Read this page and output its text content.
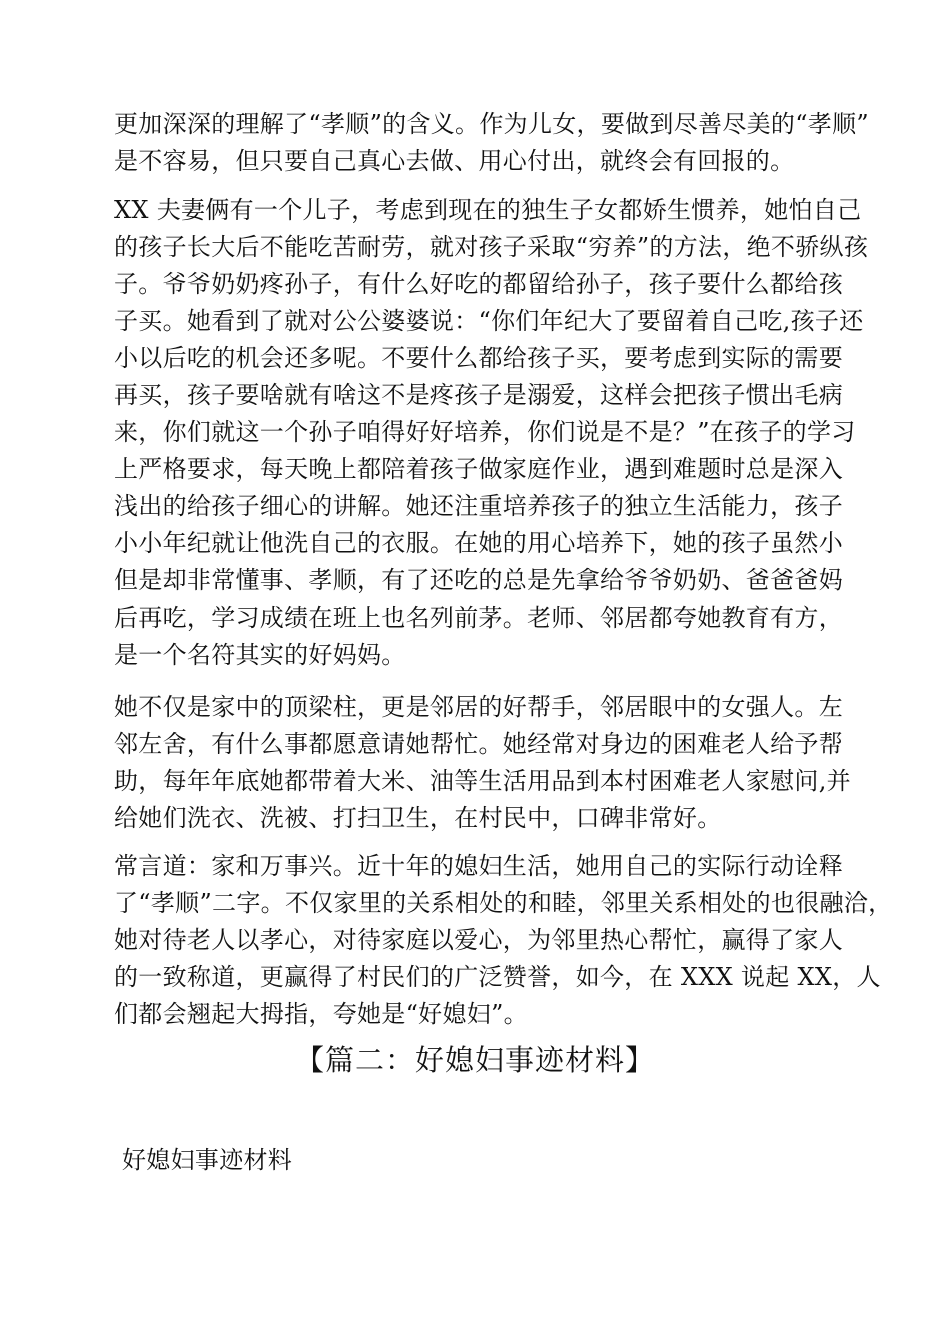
更加深深的理解了“孝顺”的含义。作为儿女，要做到尽善尽美的“孝顺”
是不容易，但只要自己真心去做、用心付出，就终会有回报的。
XX 夫妻俩有一个儿子，考虑到现在的独生子女都娇生惯养，她怕自己
的孩子长大后不能吃苦耐劳，就对孩子采取“穷养”的方法，绝不骄纵孩
子。爷爷奶奶疼孙子，有什么好吃的都留给孙子，孩子要什么都给孩
子买。她看到了就对公公婆婆说：“你们年纪大了要留着自己吃,孩子还
小以后吃的机会还多呢。不要什么都给孩子买，要考虑到实际的需要
再买，孩子要啥就有啥这不是疼孩子是溺爱，这样会把孩子惯出毛病
来，你们就这一个孙子咱得好好培养，你们说是不是？”在孩子的学习
上严格要求，每天晚上都陪着孩子做家庭作业，遇到难题时总是深入
浅出的给孩子细心的讲解。她还注重培养孩子的独立生活能力，孩子
小小年纪就让他洗自己的衣服。在她的用心培养下，她的孩子虽然小
但是却非常懂事、孝顺，有了还吃的总是先拿给爷爷奶奶、爸爸爸妈
后再吃，学习成绩在班上也名列前茅。老师、邻居都夸她教育有方，
是一个名符其实的好妈妈。
她不仅是家中的顶梁柱，更是邻居的好帮手，邻居眼中的女强人。左
邻左舍，有什么事都愿意请她帮忙。她经常对身边的困难老人给予帮
助，每年年底她都带着大米、油等生活用品到本村困难老人家慰问,并
给她们洗衣、洗被、打扫卫生，在村民中，口碑非常好。
常言道：家和万事兴。近十年的媳妇生活，她用自己的实际行动诠释
了“孝顺”二字。不仅家里的关系相处的和睦，邻里关系相处的也很融洽，
她对待老人以孝心，对待家庭以爱心，为邻里热心帮忙，赢得了家人
的一致称道，更赢得了村民们的广泛赞誉，如今，在 XXX 说起 XX，人
们都会翘起大拇指，夸她是“好媳妇”。
【篇二：好媳妇事迹材料】
好媳妇事迹材料
